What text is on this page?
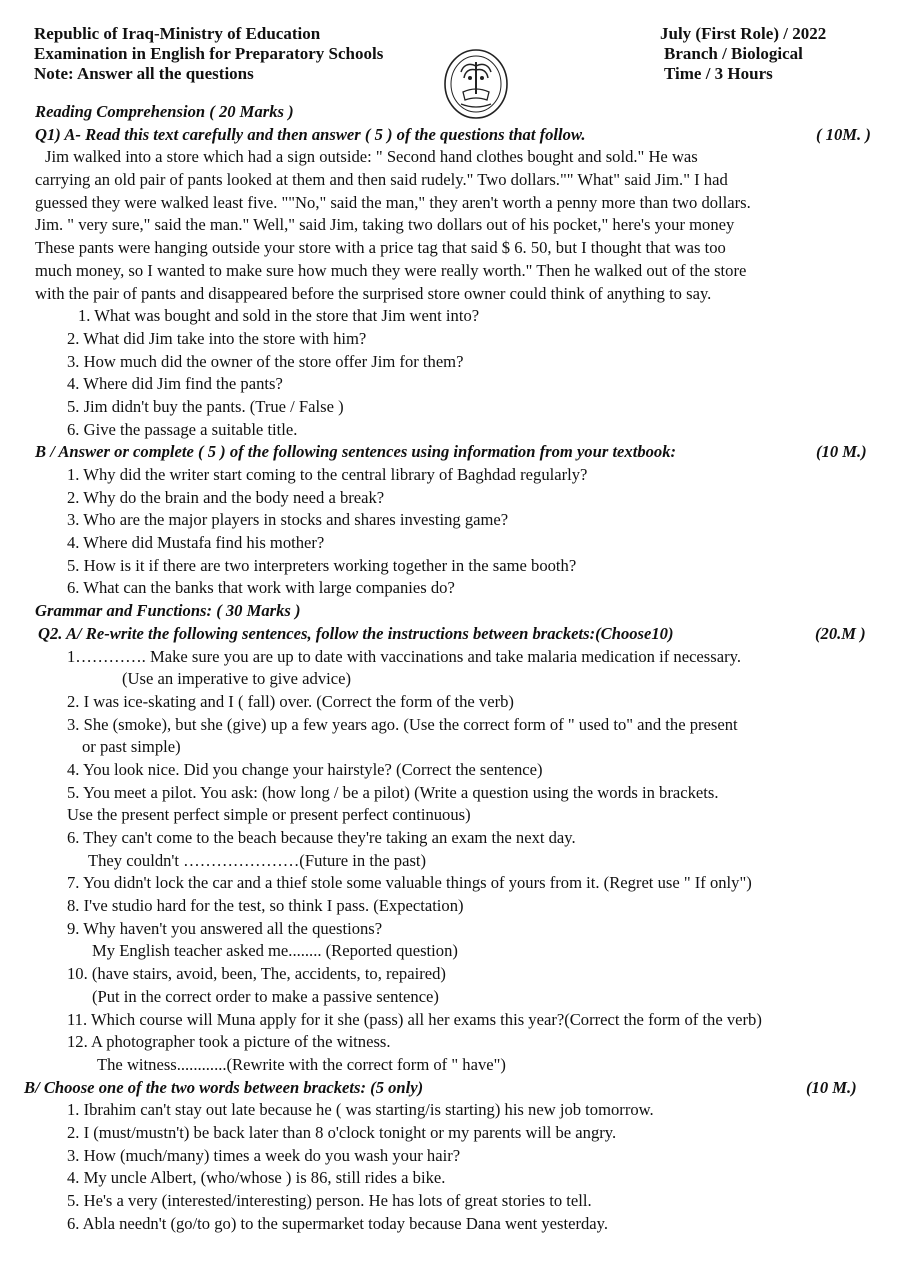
Republic of Iraq-Ministry of Education
Examination in English for Preparatory Schools
Note: Answer all the questions
July (First Role) / 2022
Branch / Biological
Time / 3 Hours
Reading Comprehension ( 20 Marks )
Q1) A- Read this text carefully and then answer ( 5 ) of the questions that follow.	( 10M. )
Jim walked into a store which had a sign outside: " Second hand clothes bought and sold." He was
carrying an old pair of pants looked at them and then said rudely." Two dollars."" What" said Jim." I had
guessed they were walked least five. ""No," said the man," they aren't worth a penny more than two dollars.
Jim. " very sure," said the man." Well," said Jim, taking two dollars out of his pocket," here's your money
These pants were hanging outside your store with a price tag that said $ 6. 50, but I thought that was too
much money, so I wanted to make sure how much they were really worth." Then he walked out of the store
with the pair of pants and disappeared before the surprised store owner could think of anything to say.
1. What was bought and sold in the store that Jim went into?
2. What did Jim take into the store with him?
3. How much did the owner of the store offer Jim for them?
4. Where did Jim find the pants?
5. Jim didn't buy the pants. (True / False )
6. Give the passage a suitable title.
B / Answer or complete ( 5 ) of the following sentences using information from your textbook:	(10 M.)
1. Why did the writer start coming to the central library of Baghdad regularly?
2. Why do the brain and the body need a break?
3. Who are the major players in stocks and shares investing game?
4. Where did Mustafa find his mother?
5. How is it if there are two interpreters working together in the same booth?
6. What can the banks that work with large companies do?
Grammar and Functions: ( 30 Marks )
Q2. A/ Re-write the following sentences, follow the instructions between brackets:(Choose10)	(20.M )
1…………. Make sure you are up to date with vaccinations and take malaria medication if necessary.
(Use an imperative to give advice)
2. I was ice-skating and I ( fall) over. (Correct the form of the verb)
3. She (smoke), but she (give) up a few years ago. (Use the correct form of " used to" and the present
or past simple)
4. You look nice. Did you change your hairstyle? (Correct the sentence)
5. You meet a pilot. You ask: (how long / be a pilot) (Write a question using the words in brackets.
Use the present perfect simple or present perfect continuous)
6. They can't come to the beach because they're taking an exam the next day.
They couldn't …………………(Future in the past)
7. You didn't lock the car and a thief stole some valuable things of yours from it. (Regret use " If only")
8. I've studio hard for the test, so think I pass. (Expectation)
9. Why haven't you answered all the questions?
My English teacher asked me........ (Reported question)
10. (have stairs, avoid, been, The, accidents, to, repaired)
(Put in the correct order to make a passive sentence)
11. Which course will Muna apply for it she (pass) all her exams this year?(Correct the form of the verb)
12. A photographer took a picture of the witness.
The witness............(Rewrite with the correct form of " have")
B/ Choose one of the two words between brackets: (5 only)	(10 M.)
1. Ibrahim can't stay out late because he ( was starting/is starting) his new job tomorrow.
2. I (must/mustn't) be back later than 8 o'clock tonight or my parents will be angry.
3. How (much/many) times a week do you wash your hair?
4. My uncle Albert, (who/whose ) is 86, still rides a bike.
5. He's a very (interested/interesting) person. He has lots of great stories to tell.
6. Abla needn't (go/to go) to the supermarket today because Dana went yesterday.
